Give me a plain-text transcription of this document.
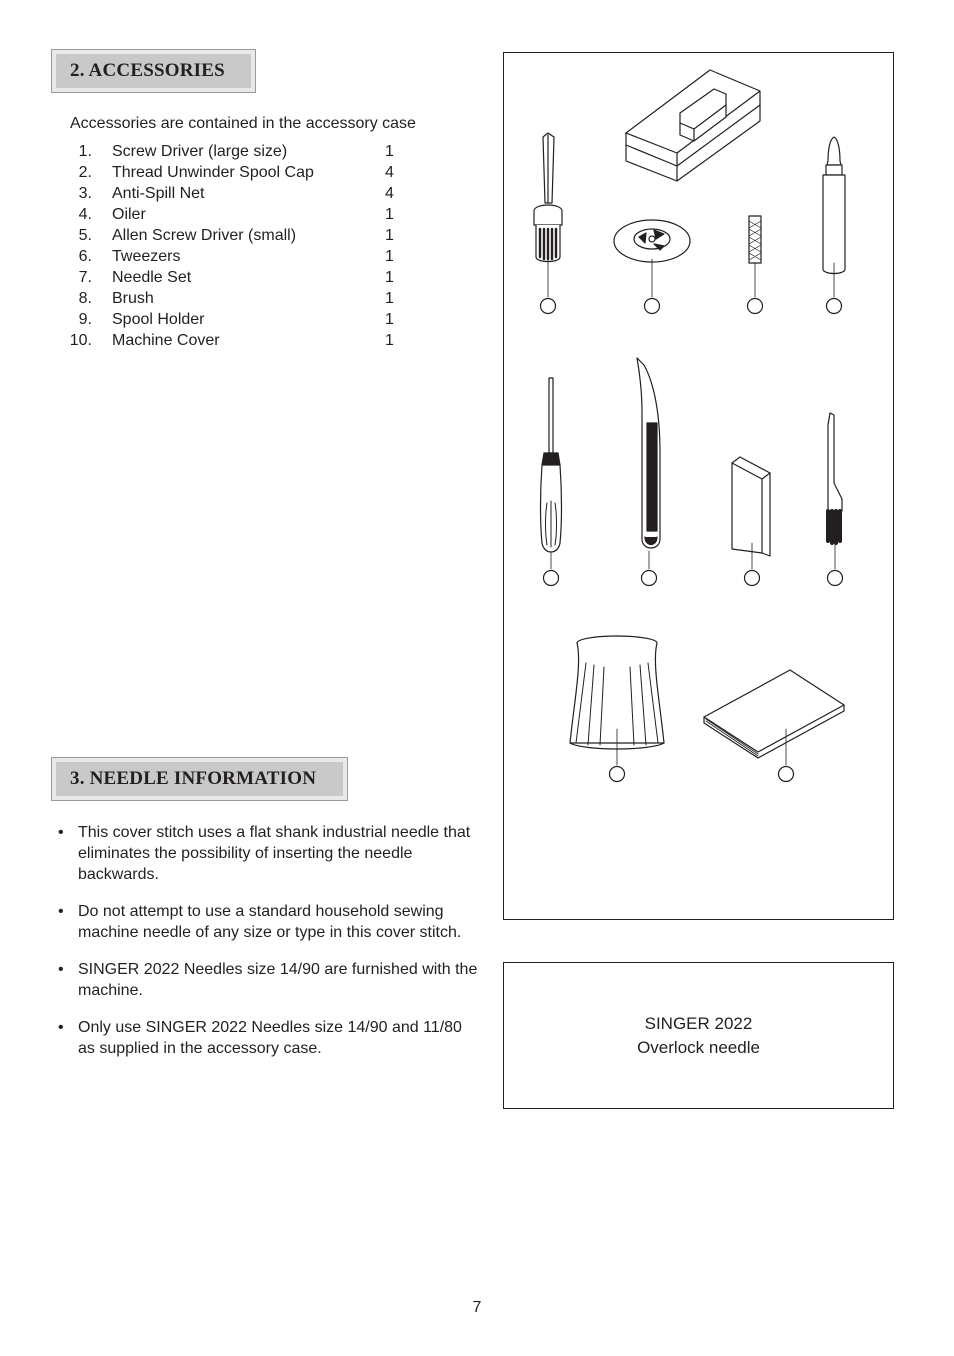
2. ACCESSORIES
Accessories are contained in the accessory case
1. Screw Driver (large size)	1
2. Thread Unwinder Spool Cap	4
3. Anti-Spill Net	4
4. Oiler	1
5. Allen Screw Driver (small)	1
6. Tweezers	1
7. Needle Set	1
8. Brush	1
9. Spool Holder	1
10. Machine Cover	1
3. NEEDLE INFORMATION
• This cover stitch uses a flat shank industrial needle that eliminates the possibility of inserting the needle backwards.
• Do not attempt to use a standard household sewing machine needle of any size or type in this cover stitch.
• SINGER 2022 Needles size 14/90 are furnished with the machine.
• Only use SINGER 2022 Needles size 14/90 and 11/80 as supplied in the accessory case.
SINGER 2022
Overlock needle
7
